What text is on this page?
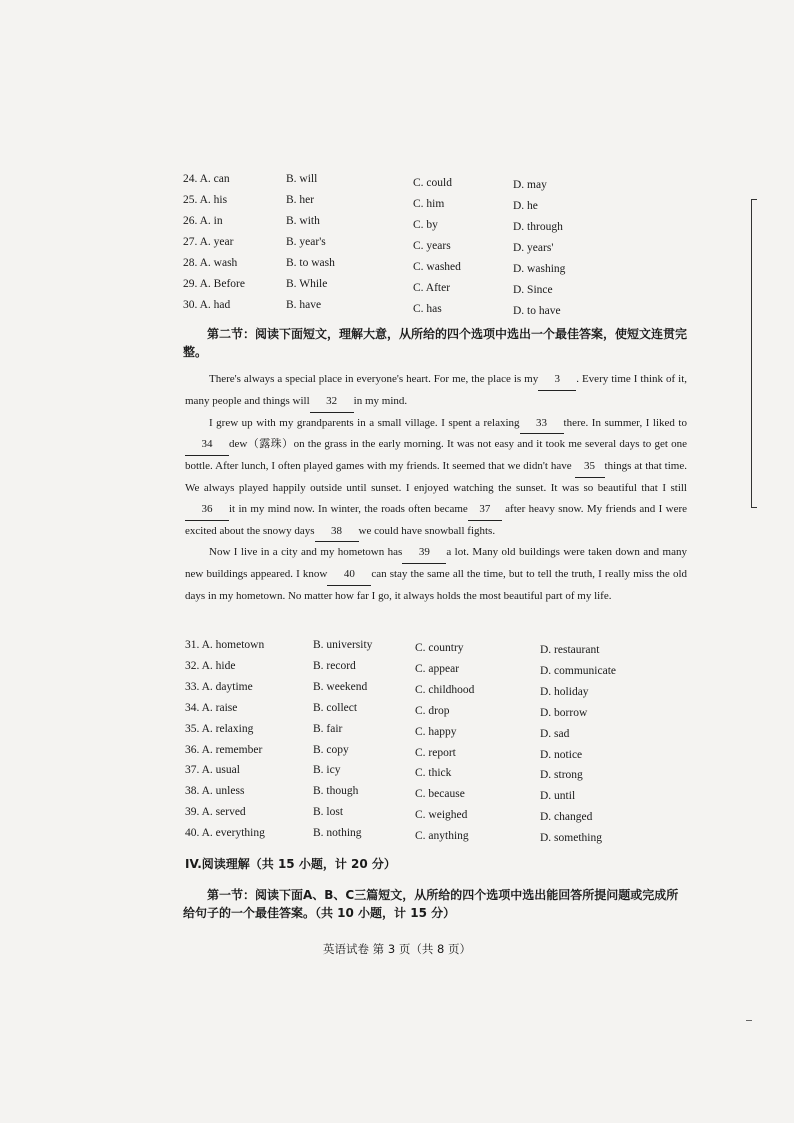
24. A. can	B. will	C. could	D. may
25. A. his	B. her	C. him	D. he
26. A. in	B. with	C. by	D. through
27. A. year	B. year's	C. years	D. years'
28. A. wash	B. to wash	C. washed	D. washing
29. A. Before	B. While	C. After	D. Since
30. A. had	B. have	C. has	D. to have
第二节：阅读下面短文，理解大意，从所给的四个选项中选出一个最佳答案，使短文连贯完整。

There's always a special place in everyone's heart. For me, the place is my 3 . Every time I think of it, many people and things will 32 in my mind.

I grew up with my grandparents in a small village. I spent a relaxing 33 there. In summer, I liked to34 dew（露珠）on the grass in the early morning. It was not easy and it took me several days to get one bottle. After lunch, I often played games with my friends. It seemed that we didn't have 35 things at that time. We always played happily outside until sunset. I enjoyed watching the sunset. It was so beautiful that I still36 it in my mind now. In winter, the roads often became 37 after heavy snow. My friends and I were excited about the snowy days 38 we could have snowball fights.

Now I live in a city and my hometown has 39 a lot. Many old buildings were taken down and many new buildings appeared. I know 40 can stay the same all the time, but to tell the truth, I really miss the old days in my hometown. No matter how far I go, it always holds the most beautiful part of my life.

31. A. hometown	B. university	C. country	D. restaurant
32. A. hide	B. record	C. appear	D. communicate
33. A. daytime	B. weekend	C. childhood	D. holiday
34. A. raise	B. collect	C. drop	D. borrow
35. A. relaxing	B. fair	C. happy	D. sad
36. A. remember	B. copy	C. report	D. notice
37. A. usual	B. icy	C. thick	D. strong
38. A. unless	B. though	C. because	D. until
39. A. served	B. lost	C. weighed	D. changed
40. A. everything	B. nothing	C. anything	D. something
IV.阅读理解（共 15 小题，计 20 分）
第一节：阅读下面A、B、C三篇短文，从所给的四个选项中选出能回答所提问题或完成所给句子的一个最佳答案。（共 10 小题，计 15 分）
英语试卷 第 3 页（共 8 页）
